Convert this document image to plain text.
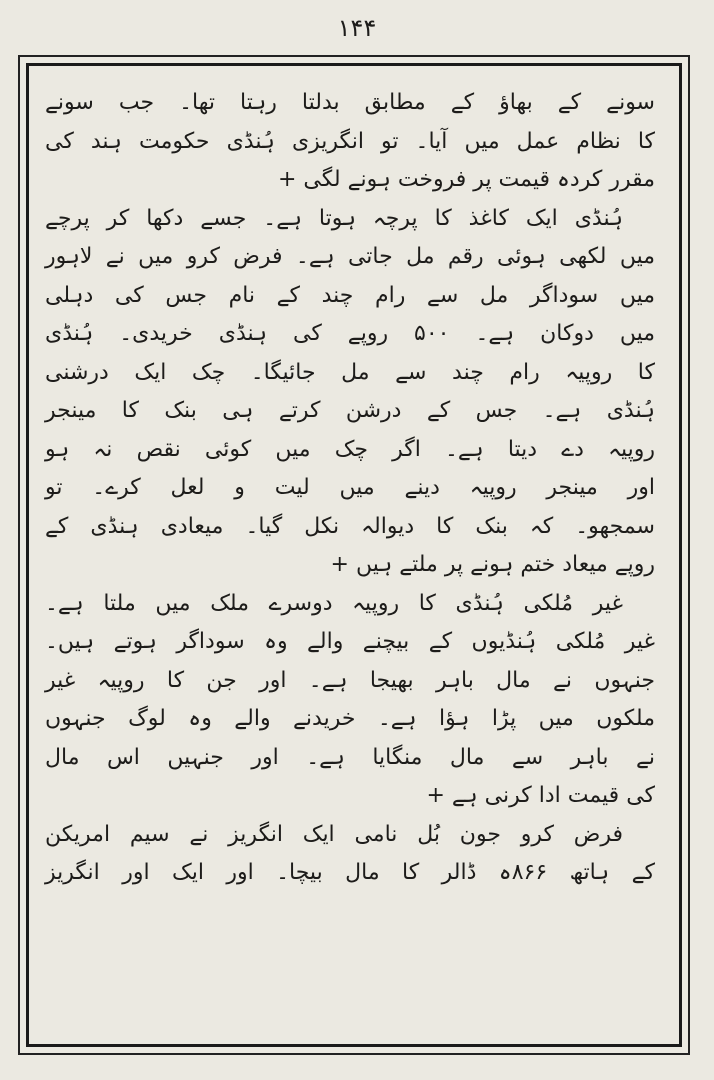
۱۴۴
سونے کے بھاؤ کے مطابق بدلتا رہتا تھا۔ جب سونے
کا نظام عمل میں آیا۔ تو انگریزی ہُنڈی حکومت ہند کی
مقرر کردہ قیمت پر فروخت ہونے لگی +
ہُنڈی ایک کاغذ کا پرچہ ہوتا ہے۔ جسے دکھا کر پرچے
میں لکھی ہوئی رقم مل جاتی ہے۔ فرض کرو میں نے لاہور
میں سوداگر مل سے رام چند کے نام جس کی دہلی
میں دوکان ہے۔ ۵۰۰ روپے کی ہنڈی خریدی۔ ہُنڈی
کا روپیہ رام چند سے مل جائیگا۔ چک ایک درشنی
ہُنڈی ہے۔ جس کے درشن کرتے ہی بنک کا مینجر
روپیہ دے دیتا ہے۔ اگر چک میں کوئی نقص نہ ہو
اور مینجر روپیہ دینے میں لیت و لعل کرے۔ تو
سمجھو۔ کہ بنک کا دیوالہ نکل گیا۔ میعادی ہنڈی کے
روپے میعاد ختم ہونے پر ملتے ہیں +
غیر مُلکی ہُنڈی کا روپیہ دوسرے ملک میں ملتا ہے۔
غیر مُلکی ہُنڈیوں کے بیچنے والے وہ سوداگر ہوتے ہیں۔
جنہوں نے مال باہر بھیجا ہے۔ اور جن کا روپیہ غیر
ملکوں میں پڑا ہؤا ہے۔ خریدنے والے وہ لوگ جنہوں
نے باہر سے مال منگایا ہے۔ اور جنہیں اس مال
کی قیمت ادا کرنی ہے +
فرض کرو جون بُل نامی ایک انگریز نے سیم امریکن
کے ہاتھ ۸۶۶ہ ڈالر کا مال بیچا۔ اور ایک اور انگریز
